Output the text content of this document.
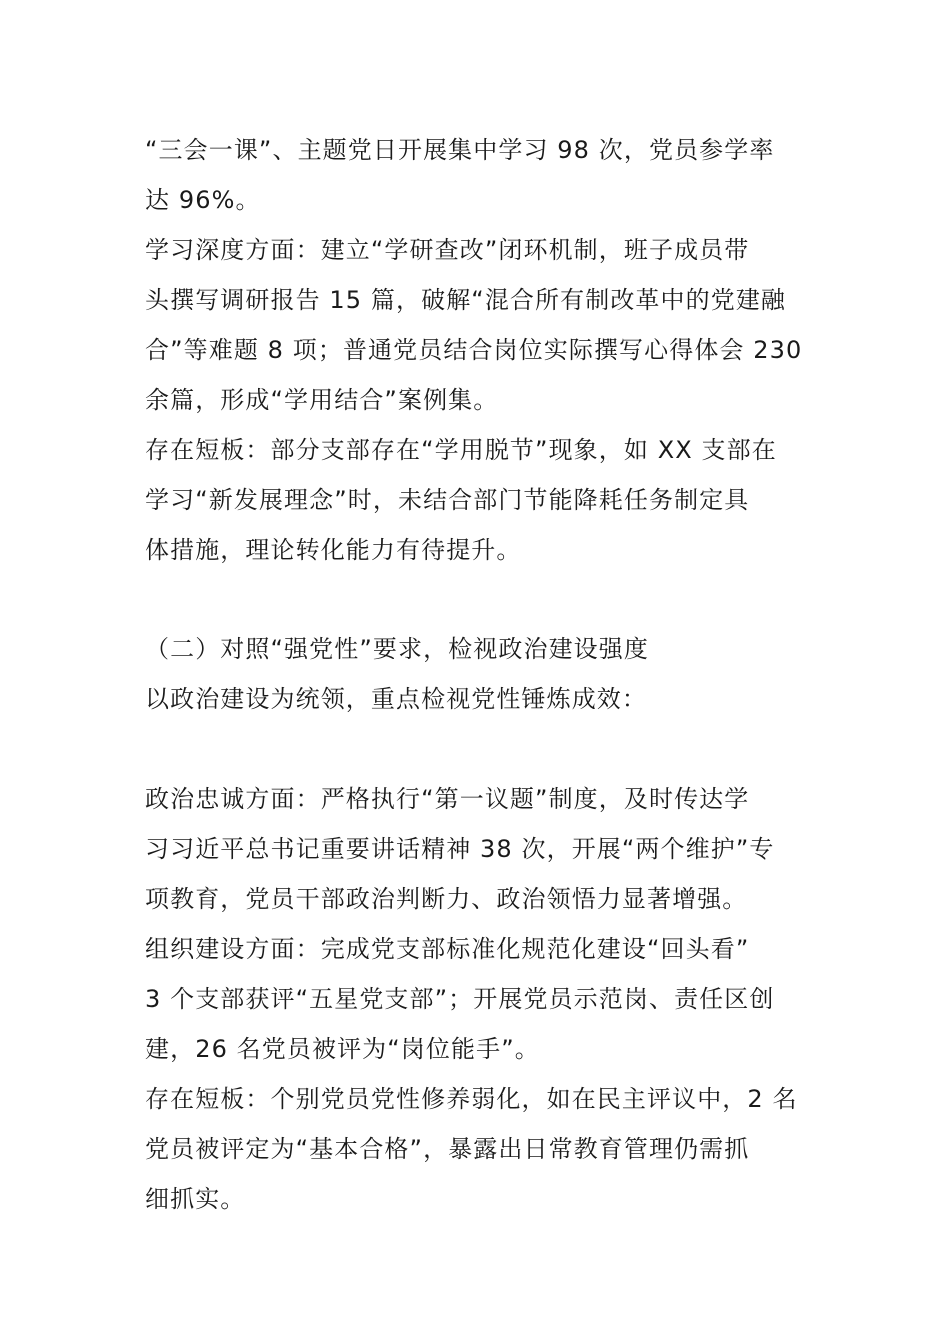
“三会一课”、主题党日开展集中学习 98 次，党员参学率
达 96%。
学习深度方面：建立“学研查改”闭环机制，班子成员带
头撰写调研报告 15 篇，破解“混合所有制改革中的党建融
合”等难题 8 项；普通党员结合岗位实际撰写心得体会 230
余篇，形成“学用结合”案例集。
存在短板：部分支部存在“学用脱节”现象，如 XX 支部在
学习“新发展理念”时，未结合部门节能降耗任务制定具
体措施，理论转化能力有待提升。
（二）对照“强党性”要求，检视政治建设强度
以政治建设为统领，重点检视党性锤炼成效：
政治忠诚方面：严格执行“第一议题”制度，及时传达学
习习近平总书记重要讲话精神 38 次，开展“两个维护”专
项教育，党员干部政治判断力、政治领悟力显著增强。
组织建设方面：完成党支部标准化规范化建设“回头看”
3 个支部获评“五星党支部”；开展党员示范岗、责任区创
建，26 名党员被评为“岗位能手”。
存在短板：个别党员党性修养弱化，如在民主评议中，2 名
党员被评定为“基本合格”，暴露出日常教育管理仍需抓
细抓实。
